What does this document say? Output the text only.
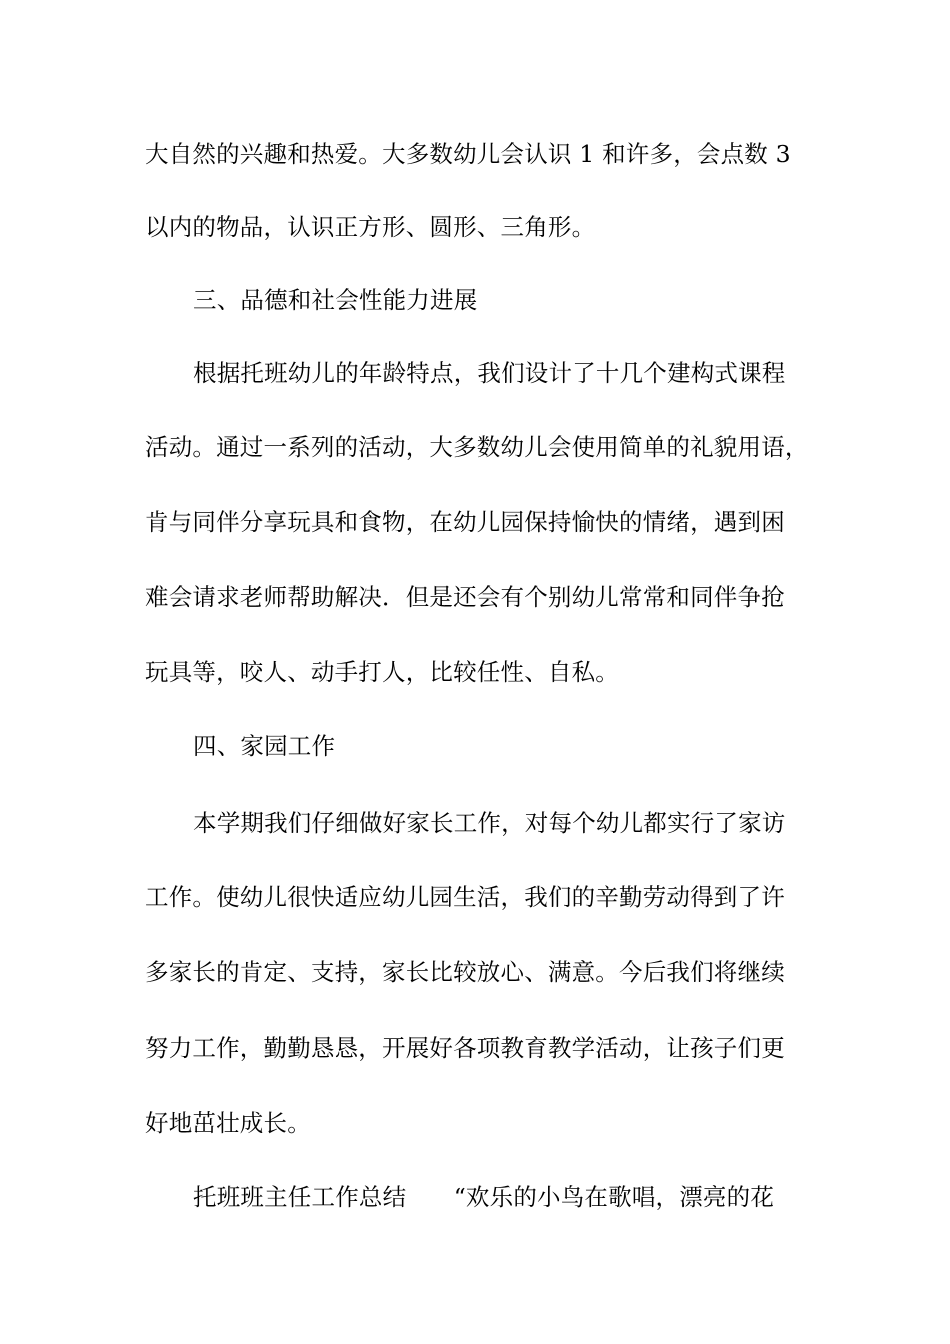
大自然的兴趣和热爱。大多数幼儿会认识 1 和许多，会点数 3
以内的物品，认识正方形、圆形、三角形。
三、品德和社会性能力进展
根据托班幼儿的年龄特点，我们设计了十几个建构式课程
活动。通过一系列的活动，大多数幼儿会使用简单的礼貌用语，
肯与同伴分享玩具和食物，在幼儿园保持愉快的情绪，遇到困
难会请求老师帮助解决．但是还会有个别幼儿常常和同伴争抢
玩具等，咬人、动手打人，比较任性、自私。
四、家园工作
本学期我们仔细做好家长工作，对每个幼儿都实行了家访
工作。使幼儿很快适应幼儿园生活，我们的辛勤劳动得到了许
多家长的肯定、支持，家长比较放心、满意。今后我们将继续
努力工作，勤勤恳恳，开展好各项教育教学活动，让孩子们更
好地茁壮成长。
托班班主任工作总结　　“欢乐的小鸟在歌唱，漂亮的花
